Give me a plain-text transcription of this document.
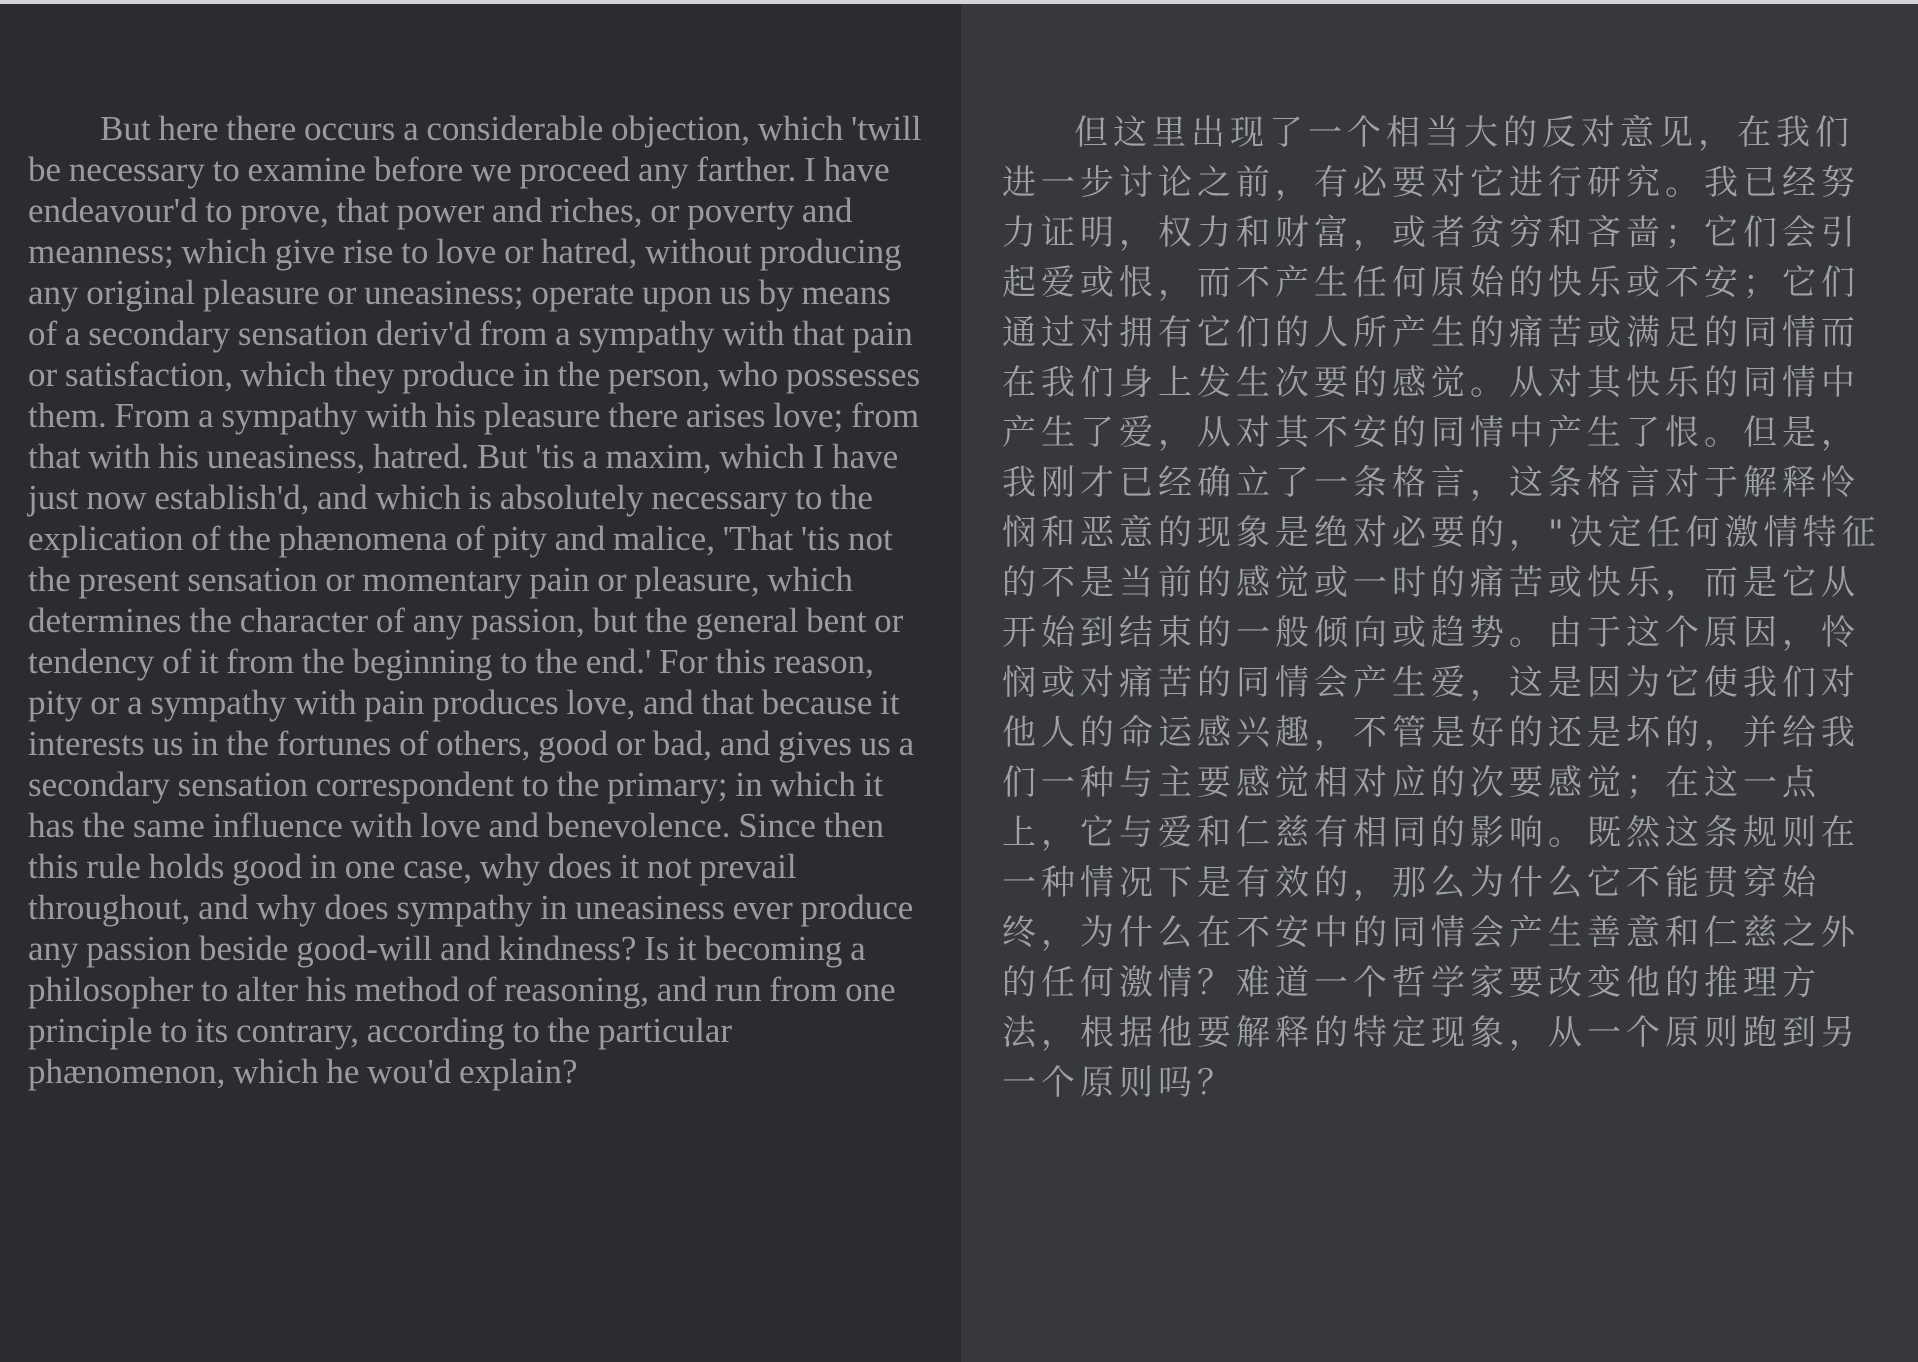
But here there occurs a considerable objection, which 'twill be necessary to examine before we proceed any farther. I have endeavour'd to prove, that power and riches, or poverty and meanness; which give rise to love or hatred, without producing any original pleasure or uneasiness; operate upon us by means of a secondary sensation deriv'd from a sympathy with that pain or satisfaction, which they produce in the person, who possesses them. From a sympathy with his pleasure there arises love; from that with his uneasiness, hatred. But 'tis a maxim, which I have just now establish'd, and which is absolutely necessary to the explication of the phænomena of pity and malice, 'That 'tis not the present sensation or momentary pain or pleasure, which determines the character of any passion, but the general bent or tendency of it from the beginning to the end.' For this reason, pity or a sympathy with pain produces love, and that because it interests us in the fortunes of others, good or bad, and gives us a secondary sensation correspondent to the primary; in which it has the same influence with love and benevolence. Since then this rule holds good in one case, why does it not prevail throughout, and why does sympathy in uneasiness ever produce any passion beside good-will and kindness? Is it becoming a philosopher to alter his method of reasoning, and run from one principle to its contrary, according to the particular phænomenon, which he wou'd explain?

但这里出现了一个相当大的反对意见，在我们进一步讨论之前，有必要对它进行研究。我已经努力证明，权力和财富，或者贫穷和吝啬；它们会引起爱或恨，而不产生任何原始的快乐或不安；它们通过对拥有它们的人所产生的痛苦或满足的同情而在我们身上发生次要的感觉。从对其快乐的同情中产生了爱，从对其不安的同情中产生了恨。但是，我刚才已经确立了一条格言，这条格言对于解释怜悯和恶意的现象是绝对必要的，"决定任何激情特征的不是当前的感觉或一时的痛苦或快乐，而是它从开始到结束的一般倾向或趋势。由于这个原因，怜悯或对痛苦的同情会产生爱，这是因为它使我们对他人的命运感兴趣，不管是好的还是坏的，并给我们一种与主要感觉相对应的次要感觉；在这一点上，它与爱和仁慈有相同的影响。既然这条规则在一种情况下是有效的，那么为什么它不能贯穿始终，为什么在不安中的同情会产生善意和仁慈之外的任何激情？难道一个哲学家要改变他的推理方法，根据他要解释的特定现象，从一个原则跑到另一个原则吗？
